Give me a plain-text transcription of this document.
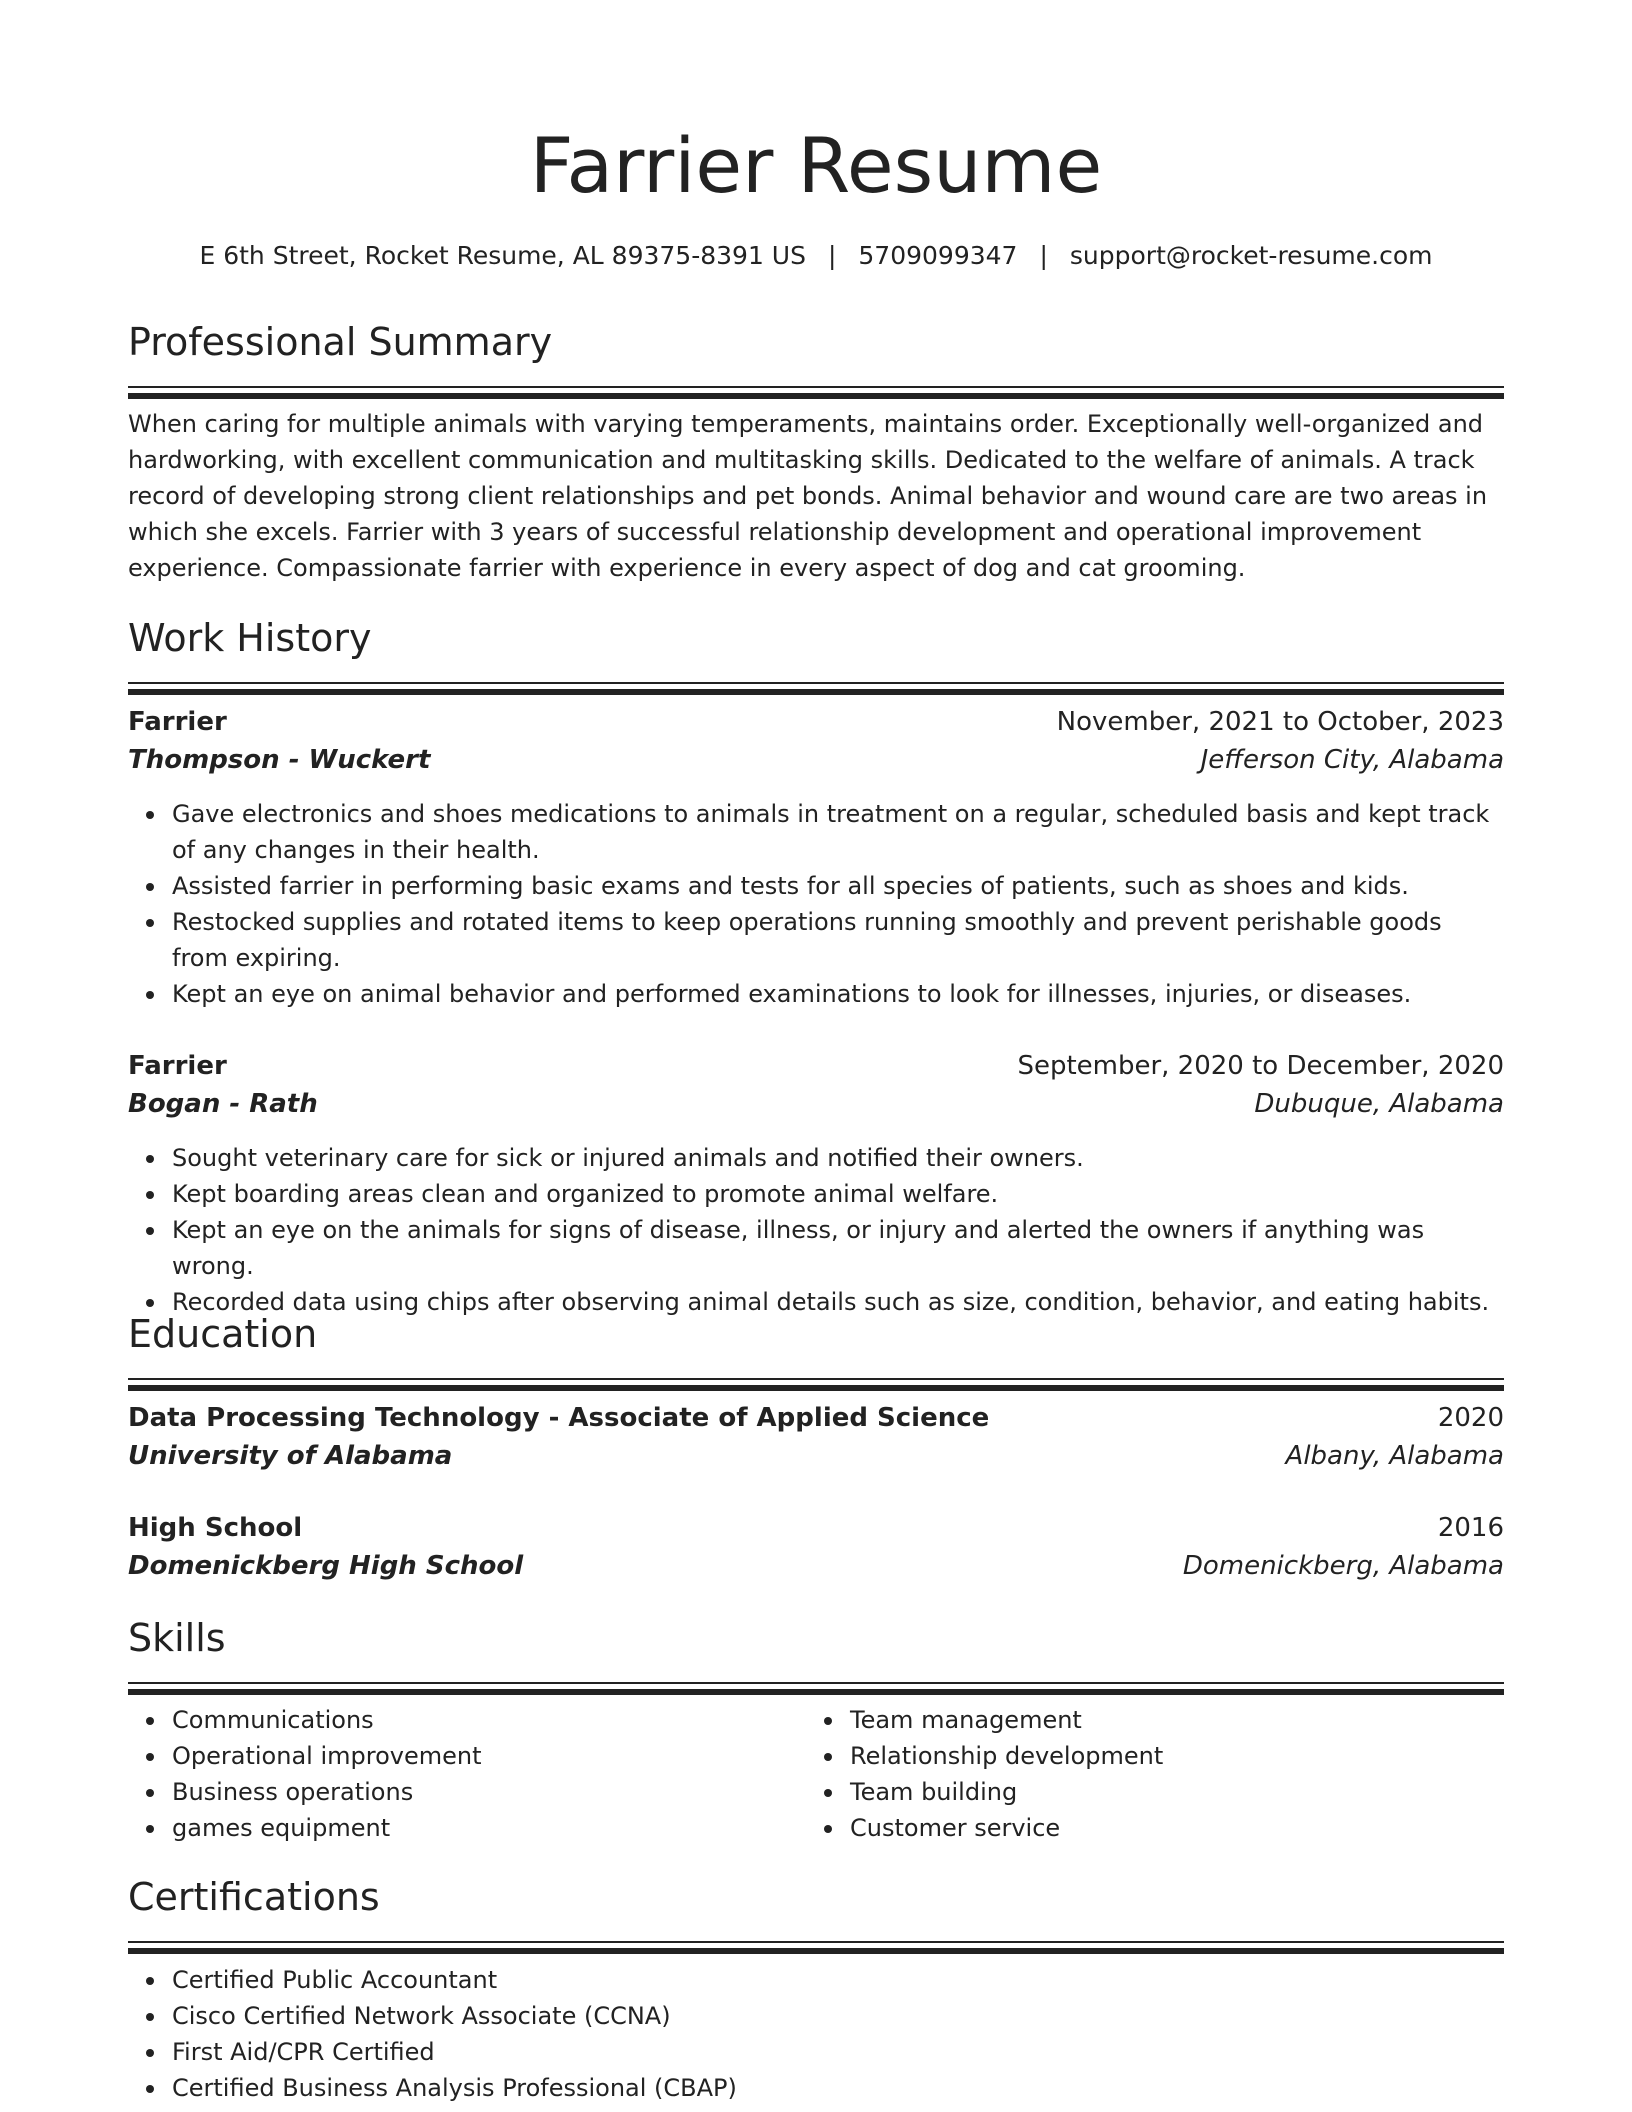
Farrier Resume
E 6th Street, Rocket Resume, AL 89375-8391 US | 5709099347 | support@rocket-resume.com
Professional Summary

When caring for multiple animals with varying temperaments, maintains order. Exceptionally well-organized and hardworking, with excellent communication and multitasking skills. Dedicated to the welfare of animals. A track record of developing strong client relationships and pet bonds. Animal behavior and wound care are two areas in which she excels. Farrier with 3 years of successful relationship development and operational improvement experience. Compassionate farrier with experience in every aspect of dog and cat grooming.

Work History
Farrier	November, 2021 to October, 2023
Thompson - Wuckert	Jefferson City, Alabama
Gave electronics and shoes medications to animals in treatment on a regular, scheduled basis and kept track of any changes in their health.
Assisted farrier in performing basic exams and tests for all species of patients, such as shoes and kids.
Restocked supplies and rotated items to keep operations running smoothly and prevent perishable goods from expiring.
Kept an eye on animal behavior and performed examinations to look for illnesses, injuries, or diseases.
Farrier	September, 2020 to December, 2020
Bogan - Rath	Dubuque, Alabama
Sought veterinary care for sick or injured animals and notified their owners.
Kept boarding areas clean and organized to promote animal welfare.
Kept an eye on the animals for signs of disease, illness, or injury and alerted the owners if anything was wrong.
Recorded data using chips after observing animal details such as size, condition, behavior, and eating habits.
Education
Data Processing Technology - Associate of Applied Science	2020
University of Alabama	Albany, Alabama
High School	2016
Domenickberg High School	Domenickberg, Alabama
Skills
Communications
Operational improvement
Business operations
games equipment
Team management
Relationship development
Team building
Customer service
Certifications
Certified Public Accountant
Cisco Certified Network Associate (CCNA)
First Aid/CPR Certified
Certified Business Analysis Professional (CBAP)
